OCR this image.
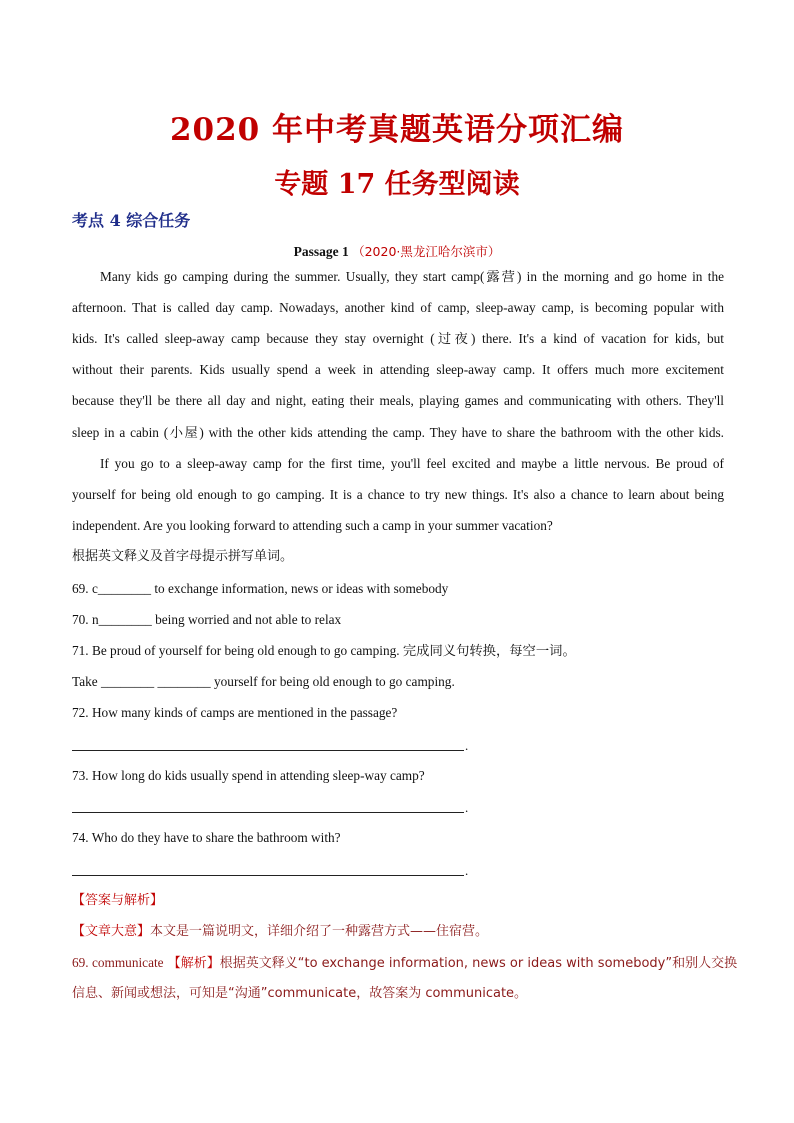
2020 年中考真题英语分项汇编
专题 17 任务型阅读
考点 4 综合任务
Passage 1 （2020·黑龙江哈尔滨市）
Many kids go camping during the summer. Usually, they start camp(露营) in the morning and go home in the
afternoon. That is called day camp. Nowadays, another kind of camp, sleep-away camp, is becoming popular with
kids. It's called sleep-away camp because they stay overnight (过夜) there. It's a kind of vacation for kids, but
without their parents. Kids usually spend a week in attending sleep-away camp. It offers much more excitement
because they'll be there all day and night, eating their meals, playing games and communicating with others. They'll
sleep in a cabin (小屋) with the other kids attending the camp. They have to share the bathroom with the other kids.
If you go to a sleep-away camp for the first time, you'll feel excited and maybe a little nervous. Be proud of
yourself for being old enough to go camping. It is a chance to try new things. It's also a chance to learn about being
independent. Are you looking forward to attending such a camp in your summer vacation?
根据英文释义及首字母提示拼写单词。
69. c________ to exchange information, news or ideas with somebody
70. n________ being worried and not able to relax
71. Be proud of yourself for being old enough to go camping. 完成同义句转换，每空一词。
Take ________ ________ yourself for being old enough to go camping.
72. How many kinds of camps are mentioned in the passage?
.
73. How long do kids usually spend in attending sleep-way camp?
.
74. Who do they have to share the bathroom with?
.
【答案与解析】
【文章大意】本文是一篇说明文，详细介绍了一种露营方式——住宿营。
69. communicate 【解析】根据英文释义“to exchange information, news or ideas with somebody”和别人交换
信息、新闻或想法，可知是“沟通”communicate，故答案为 communicate。
